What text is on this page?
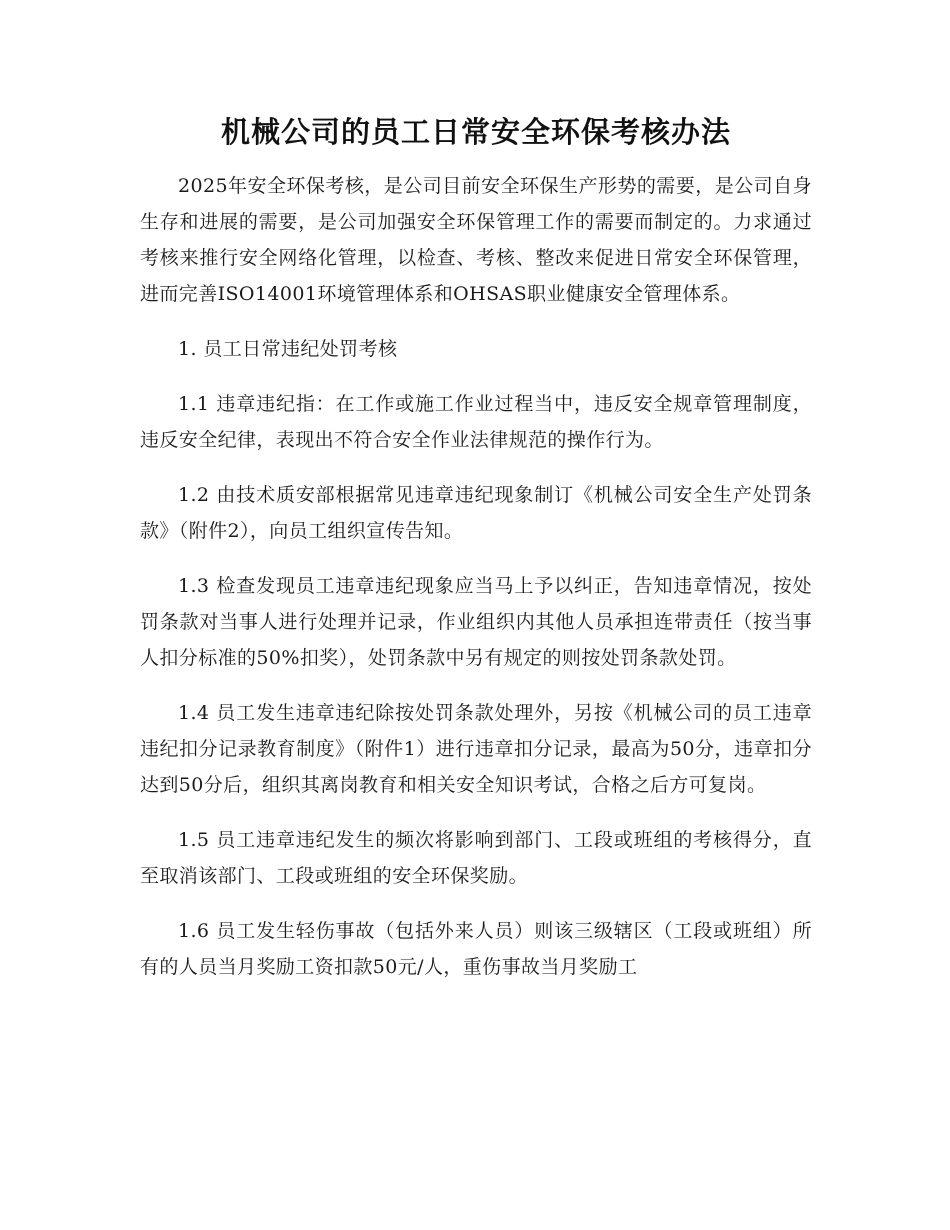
机械公司的员工日常安全环保考核办法

2025年安全环保考核，是公司目前安全环保生产形势的需要，是公司自身生存和进展的需要，是公司加强安全环保管理工作的需要而制定的。力求通过考核来推行安全网络化管理，以检查、考核、整改来促进日常安全环保管理，进而完善ISO14001环境管理体系和OHSAS职业健康安全管理体系。

1. 员工日常违纪处罚考核

1.1 违章违纪指：在工作或施工作业过程当中，违反安全规章管理制度，违反安全纪律，表现出不符合安全作业法律规范的操作行为。

1.2 由技术质安部根据常见违章违纪现象制订《机械公司安全生产处罚条款》（附件2），向员工组织宣传告知。

1.3 检查发现员工违章违纪现象应当马上予以纠正，告知违章情况，按处罚条款对当事人进行处理并记录，作业组织内其他人员承担连带责任（按当事人扣分标准的50%扣奖），处罚条款中另有规定的则按处罚条款处罚。

1.4 员工发生违章违纪除按处罚条款处理外，另按《机械公司的员工违章违纪扣分记录教育制度》（附件1）进行违章扣分记录，最高为50分，违章扣分达到50分后，组织其离岗教育和相关安全知识考试，合格之后方可复岗。

1.5 员工违章违纪发生的频次将影响到部门、工段或班组的考核得分，直至取消该部门、工段或班组的安全环保奖励。

1.6 员工发生轻伤事故（包括外来人员）则该三级辖区（工段或班组）所有的人员当月奖励工资扣款50元/人，重伤事故当月奖励工
